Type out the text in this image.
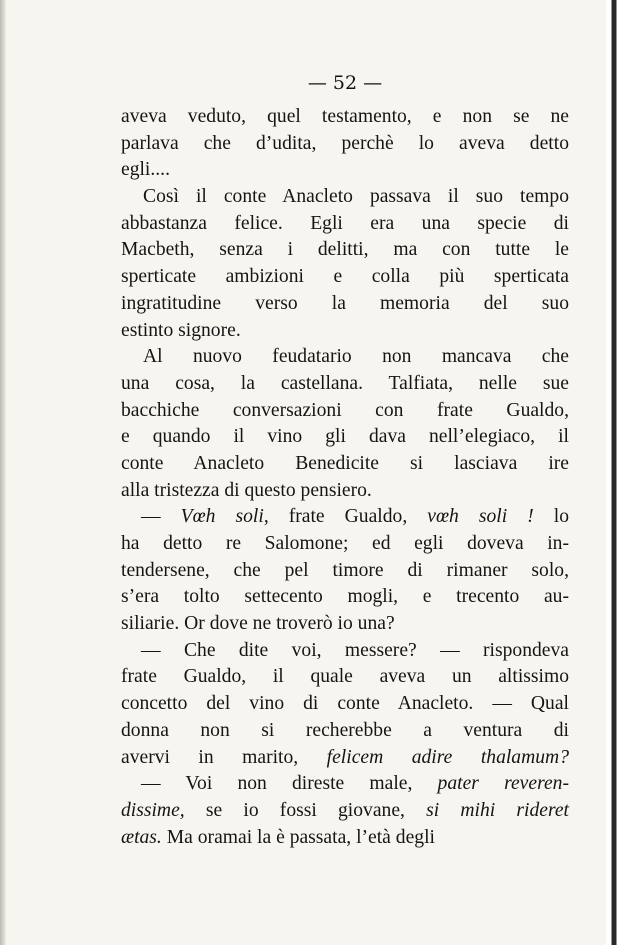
— 52 —
aveva veduto, quel testamento, e non se ne
parlava che d’udita, perchè lo aveva detto
egli....
Così il conte Anacleto passava il suo tempo
abbastanza felice. Egli era una specie di
Macbeth, senza i delitti, ma con tutte le
sperticate ambizioni e colla più sperticata
ingratitudine verso la memoria del suo
estinto signore.
Al nuovo feudatario non mancava che
una cosa, la castellana. Talfiata, nelle sue
bacchiche conversazioni con frate Gualdo,
e quando il vino gli dava nell’elegiaco, il
conte Anacleto Benedicite si lasciava ire
alla tristezza di questo pensiero.
— Vœh soli, frate Gualdo, vœh soli ! lo
ha detto re Salomone; ed egli doveva in-
tendersene, che pel timore di rimaner solo,
s’era tolto settecento mogli, e trecento au-
siliarie. Or dove ne troverò io una?
— Che dite voi, messere? — rispondeva
frate Gualdo, il quale aveva un altissimo
concetto del vino di conte Anacleto. — Qual
donna non si recherebbe a ventura di
avervi in marito, felicem adire thalamum?
— Voi non direste male, pater reveren-
dissime, se io fossi giovane, si mihi rideret
ætas. Ma oramai la è passata, l’età degli
